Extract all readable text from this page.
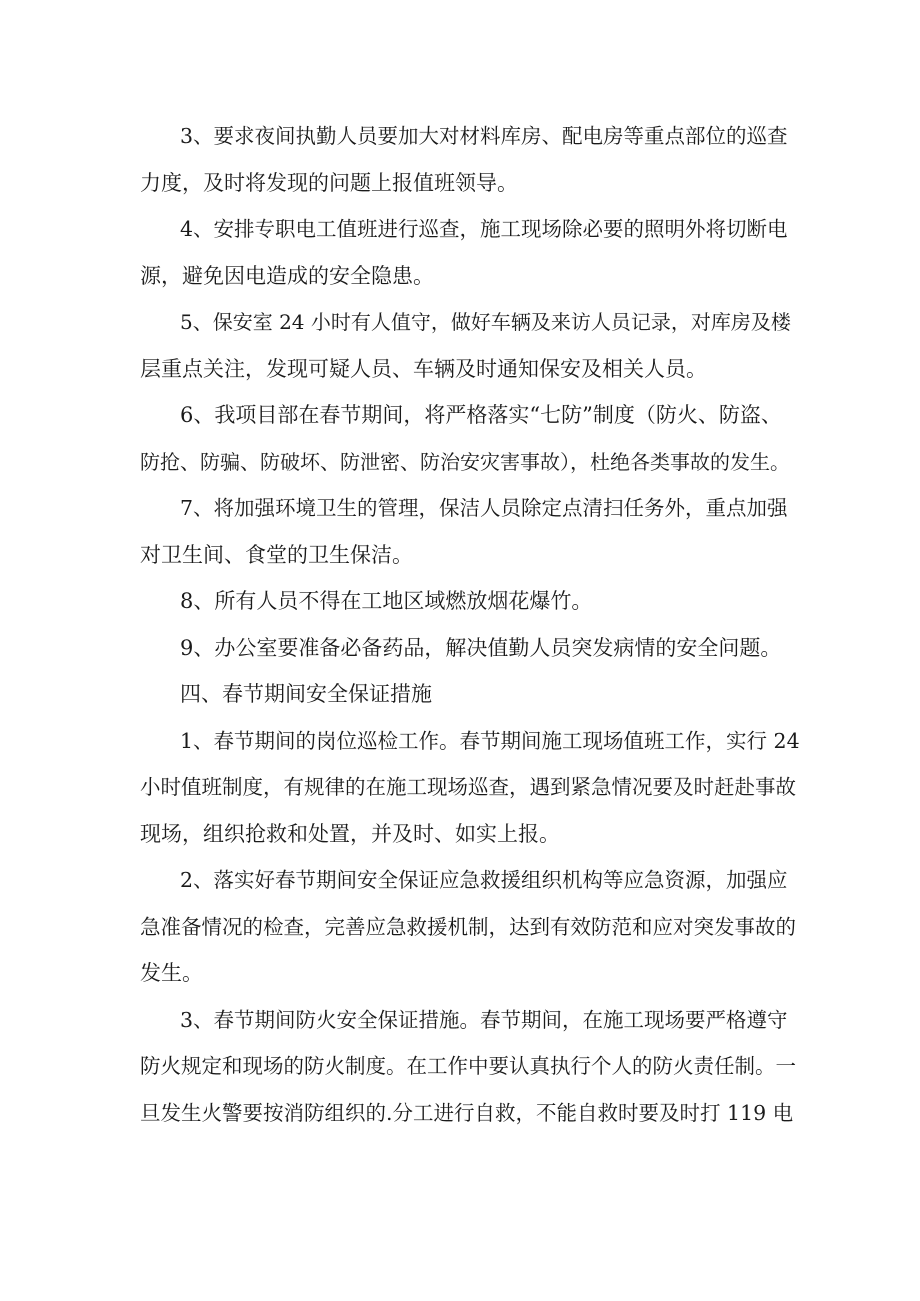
3、要求夜间执勤人员要加大对材料库房、配电房等重点部位的巡查
力度，及时将发现的问题上报值班领导。
4、安排专职电工值班进行巡查，施工现场除必要的照明外将切断电
源，避免因电造成的安全隐患。
5、保安室 24 小时有人值守，做好车辆及来访人员记录，对库房及楼
层重点关注，发现可疑人员、车辆及时通知保安及相关人员。
6、我项目部在春节期间，将严格落实“七防”制度（防火、防盗、
防抢、防骗、防破坏、防泄密、防治安灾害事故），杜绝各类事故的发生。
7、将加强环境卫生的管理，保洁人员除定点清扫任务外，重点加强
对卫生间、食堂的卫生保洁。
8、所有人员不得在工地区域燃放烟花爆竹。
9、办公室要准备必备药品，解决值勤人员突发病情的安全问题。
四、春节期间安全保证措施
1、春节期间的岗位巡检工作。春节期间施工现场值班工作，实行 24
小时值班制度，有规律的在施工现场巡查，遇到紧急情况要及时赶赴事故
现场，组织抢救和处置，并及时、如实上报。
2、落实好春节期间安全保证应急救援组织机构等应急资源，加强应
急准备情况的检查，完善应急救援机制，达到有效防范和应对突发事故的
发生。
3、春节期间防火安全保证措施。春节期间，在施工现场要严格遵守
防火规定和现场的防火制度。在工作中要认真执行个人的防火责任制。一
旦发生火警要按消防组织的.分工进行自救，不能自救时要及时打 119 电
